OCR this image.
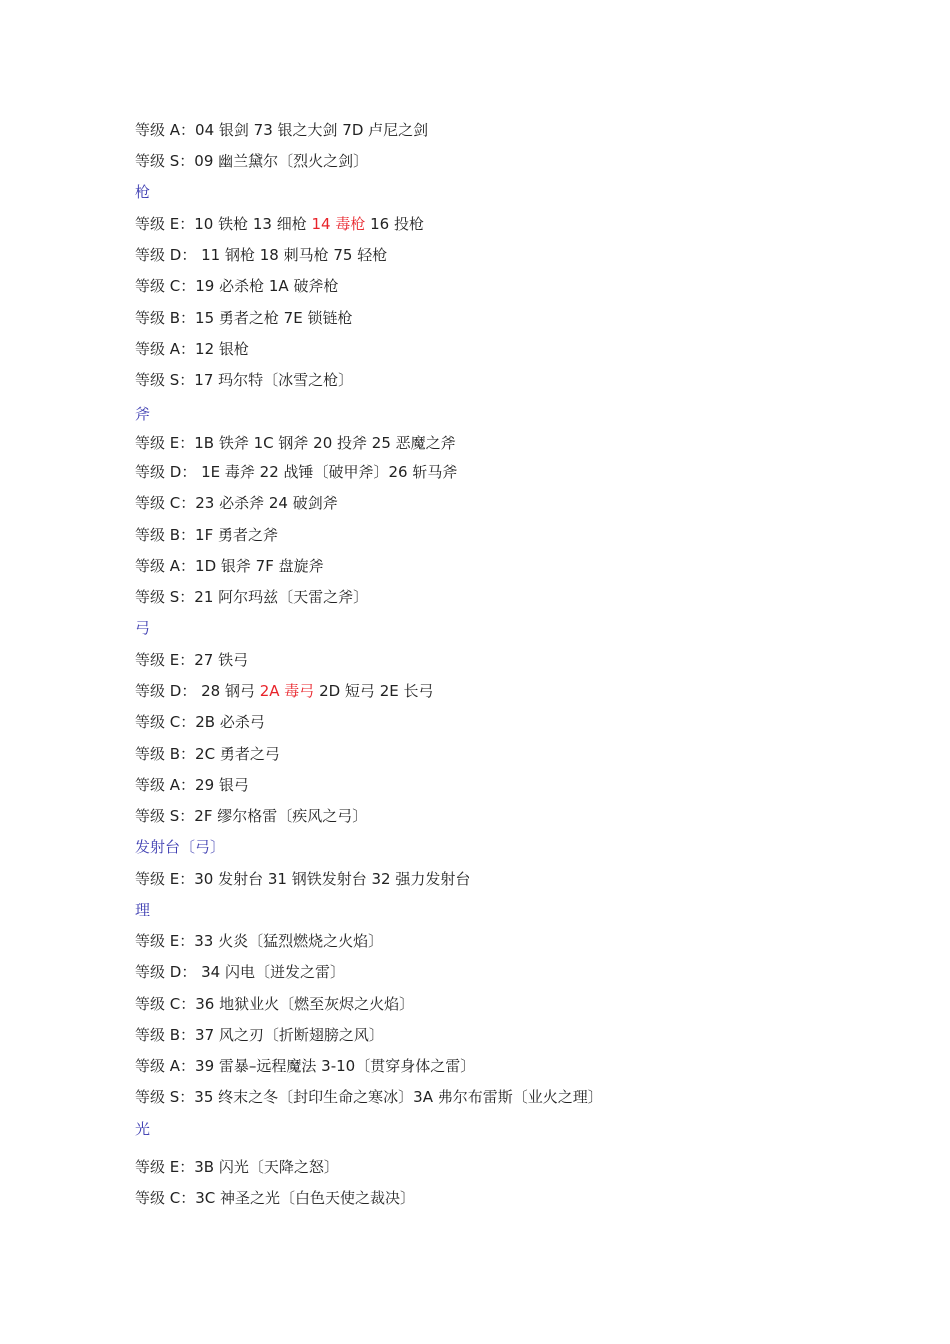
等级 A：04 银剑 73 银之大剑 7D 卢尼之剑
等级 S：09 幽兰黛尔〔烈火之剑〕
枪
等级 E：10 铁枪 13 细枪 14 毒枪 16 投枪
等级 D： 11 钢枪 18 刺马枪 75 轻枪
等级 C：19 必杀枪 1A 破斧枪
等级 B：15 勇者之枪 7E 锁链枪
等级 A：12 银枪
等级 S：17 玛尔特〔冰雪之枪〕
斧
等级 E：1B 铁斧 1C 钢斧 20 投斧 25 恶魔之斧
等级 D： 1E 毒斧 22 战锤〔破甲斧〕26 斩马斧
等级 C：23 必杀斧 24 破剑斧
等级 B：1F 勇者之斧
等级 A：1D 银斧 7F 盘旋斧
等级 S：21 阿尔玛兹〔天雷之斧〕
弓
等级 E：27 铁弓
等级 D： 28 钢弓 2A 毒弓 2D 短弓 2E 长弓
等级 C：2B 必杀弓
等级 B：2C 勇者之弓
等级 A：29 银弓
等级 S：2F 缪尔格雷〔疾风之弓〕
发射台〔弓〕
等级 E：30 发射台 31 钢铁发射台 32 强力发射台
理
等级 E：33 火炎〔猛烈燃烧之火焰〕
等级 D： 34 闪电〔迸发之雷〕
等级 C：36 地狱业火〔燃至灰烬之火焰〕
等级 B：37 风之刃〔折断翅膀之风〕
等级 A：39 雷暴–远程魔法 3-10〔贯穿身体之雷〕
等级 S：35 终末之冬〔封印生命之寒冰〕3A 弗尔布雷斯〔业火之理〕
光
等级 E：3B 闪光〔天降之怒〕
等级 C：3C 神圣之光〔白色天使之裁决〕
